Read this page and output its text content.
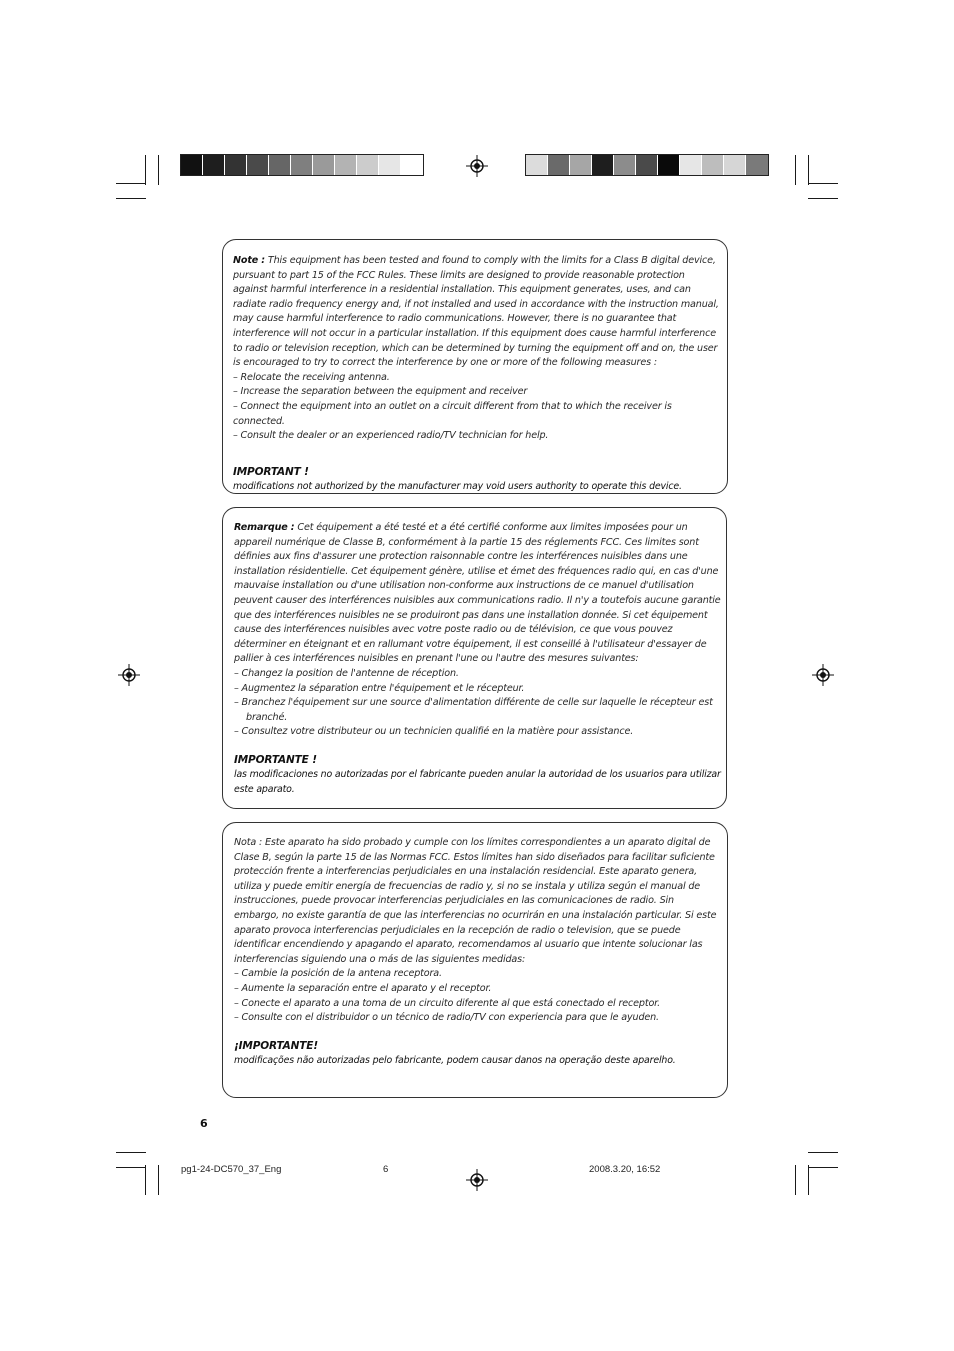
Note : This equipment has been tested and found to comply with the limits for a Class B digital device, pursuant to part 15 of the FCC Rules. These limits are designed to provide reasonable protection against harmful interference in a residential installation. This equipment generates, uses, and can radiate radio frequency energy and, if not installed and used in accordance with the instruction manual, may cause harmful interference to radio communications. However, there is no guarantee that interference will not occur in a particular installation. If this equipment does cause harmful interference to radio or television reception, which can be determined by turning the equipment off and on, the user is encouraged to try to correct the interference by one or more of the following measures :

– Relocate the receiving antenna.

– Increase the separation between the equipment and receiver

– Connect the equipment into an outlet on a circuit different from that to which the receiver is connected.

– Consult the dealer or an experienced radio/TV technician for help.

IMPORTANT !

modifications not authorized by the manufacturer may void users authority to operate this device.

Remarque : Cet équipement a été testé et a été certifié conforme aux limites imposées pour un appareil numérique de Classe B, conformément à la partie 15 des réglements FCC. Ces limites sont définies aux fins d'assurer une protection raisonnable contre les interférences nuisibles dans une installation résidentielle. Cet équipement génère, utilise et émet des fréquences radio qui, en cas d'une mauvaise installation ou d'une utilisation non-conforme aux instructions de ce manuel d'utilisation peuvent causer des interférences nuisibles aux communications radio. Il n'y a toutefois aucune garantie que des interférences nuisibles ne se produiront pas dans une installation donnée. Si cet équipement cause des interférences nuisibles avec votre poste radio ou de télévision, ce que vous pouvez déterminer en éteignant et en rallumant votre équipement, il est conseillé à l'utilisateur d'essayer de pallier à ces interférences nuisibles en prenant l'une ou l'autre des mesures suivantes:

– Changez la position de l'antenne de réception.

– Augmentez la séparation entre l'équipement et le récepteur.

– Branchez l'équipement sur une source d'alimentation différente de celle sur laquelle le récepteur est branché.

– Consultez votre distributeur ou un technicien qualifié en la matière pour assistance.

IMPORTANTE !

las modificaciones no autorizadas por el fabricante pueden anular la autoridad de los usuarios para utilizar este aparato.

Nota : Este aparato ha sido probado y cumple con los límites correspondientes a un aparato digital de Clase B, según la parte 15 de las Normas FCC. Estos límites han sido diseñados para facilitar suficiente protección frente a interferencias perjudiciales en una instalación residencial. Este aparato genera, utiliza y puede emitir energía de frecuencias de radio y, si no se instala y utiliza según el manual de instrucciones, puede provocar interferencias perjudiciales en las comunicaciones de radio. Sin embargo, no existe garantía de que las interferencias no ocurrirán en una instalación particular. Si este aparato provoca interferencias perjudiciales en la recepción de radio o television, que se puede identificar encendiendo y apagando el aparato, recomendamos al usuario que intente solucionar las interferencias siguiendo una o más de las siguientes medidas:

– Cambie la posición de la antena receptora.

– Aumente la separación entre el aparato y el receptor.

– Conecte el aparato a una toma de un circuito diferente al que está conectado el receptor.

– Consulte con el distribuidor o un técnico de radio/TV con experiencia para que le ayuden.

¡IMPORTANTE!

modificações não autorizadas pelo fabricante, podem causar danos na operação deste aparelho.

6
pg1-24-DC570_37_Eng	6	2008.3.20, 16:52
